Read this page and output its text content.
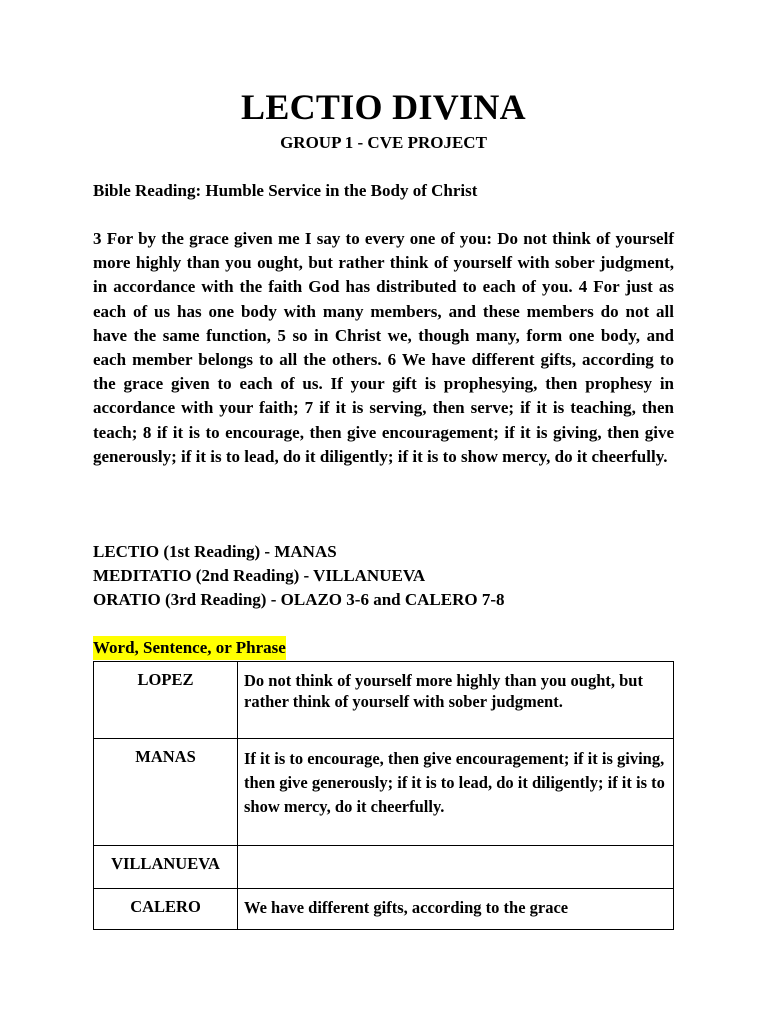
LECTIO DIVINA
GROUP 1 - CVE PROJECT
Bible Reading: Humble Service in the Body of Christ

3 For by the grace given me I say to every one of you: Do not think of yourself more highly than you ought, but rather think of yourself with sober judgment, in accordance with the faith God has distributed to each of you. 4 For just as each of us has one body with many members, and these members do not all have the same function, 5 so in Christ we, though many, form one body, and each member belongs to all the others. 6 We have different gifts, according to the grace given to each of us. If your gift is prophesying, then prophesy in accordance with your faith; 7 if it is serving, then serve; if it is teaching, then teach; 8 if it is to encourage, then give encouragement; if it is giving, then give generously; if it is to lead, do it diligently; if it is to show mercy, do it cheerfully.

LECTIO (1st Reading) - MANAS
MEDITATIO (2nd Reading) - VILLANUEVA
ORATIO (3rd Reading) - OLAZO 3-6 and CALERO 7-8
Word, Sentence, or Phrase
LOPEZ	Do not think of yourself more highly than you ought, but rather think of yourself with sober judgment.
MANAS	If it is to encourage, then give encouragement; if it is giving, then give generously; if it is to lead, do it diligently; if it is to show mercy, do it cheerfully.
VILLANUEVA	
CALERO	We have different gifts, according to the grace
